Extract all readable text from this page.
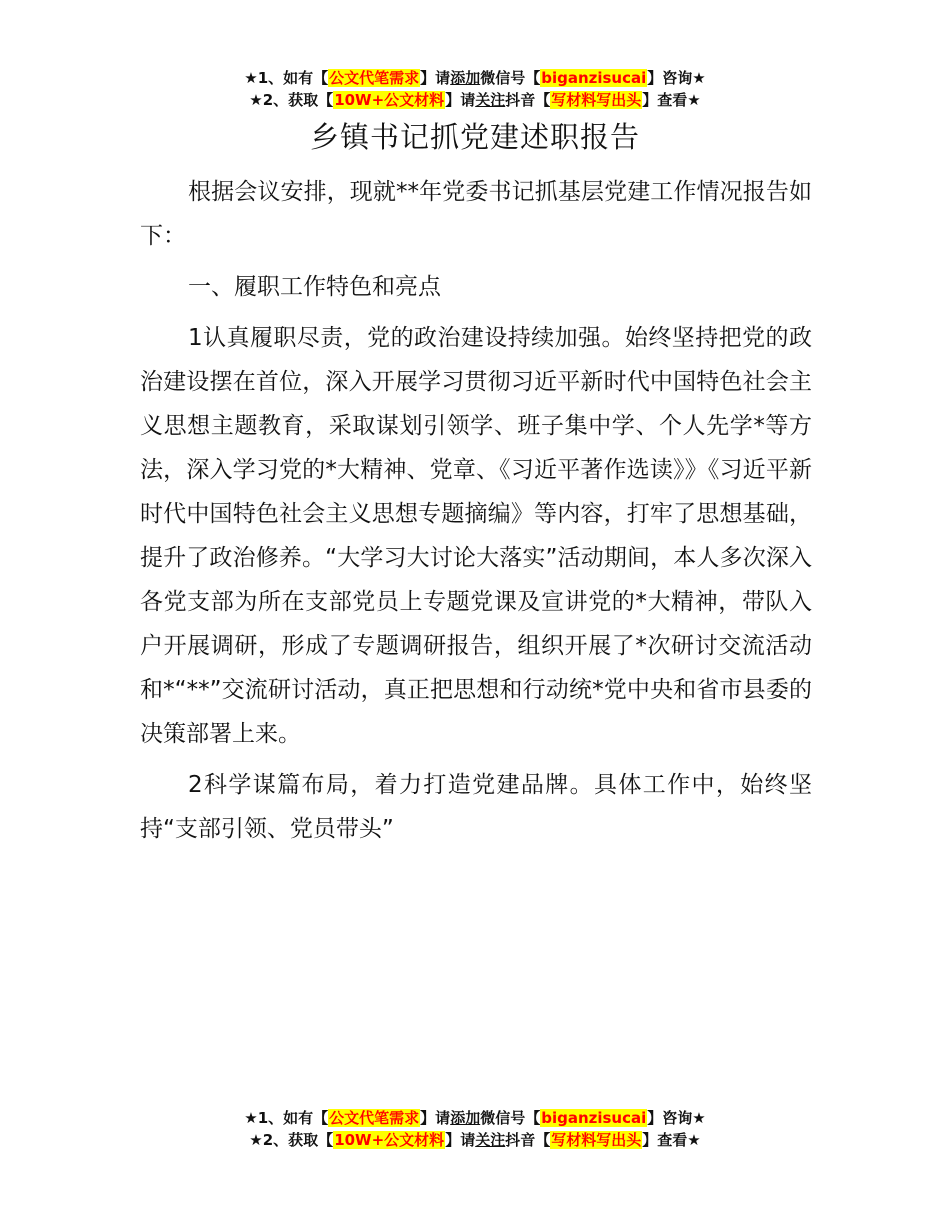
★1、如有【公文代笔需求】请添加微信号【biganzisucai】咨询★
★2、获取【10W+公文材料】请关注抖音【写材料写出头】查看★
乡镇书记抓党建述职报告

根据会议安排，现就**年党委书记抓基层党建工作情况报告如下：

一、履职工作特色和亮点

1认真履职尽责，党的政治建设持续加强。始终坚持把党的政治建设摆在首位，深入开展学习贯彻习近平新时代中国特色社会主义思想主题教育，采取谋划引领学、班子集中学、个人先学*等方法，深入学习党的*大精神、党章、《习近平著作选读》》《习近平新时代中国特色社会主义思想专题摘编》等内容，打牢了思想基础，提升了政治修养。“大学习大讨论大落实”活动期间，本人多次深入各党支部为所在支部党员上专题党课及宣讲党的*大精神，带队入户开展调研，形成了专题调研报告，组织开展了*次研讨交流活动和*“**”交流研讨活动，真正把思想和行动统*党中央和省市县委的决策部署上来。

2科学谋篇布局，着力打造党建品牌。具体工作中，始终坚持“支部引领、党员带头”

★1、如有【公文代笔需求】请添加微信号【biganzisucai】咨询★
★2、获取【10W+公文材料】请关注抖音【写材料写出头】查看★
